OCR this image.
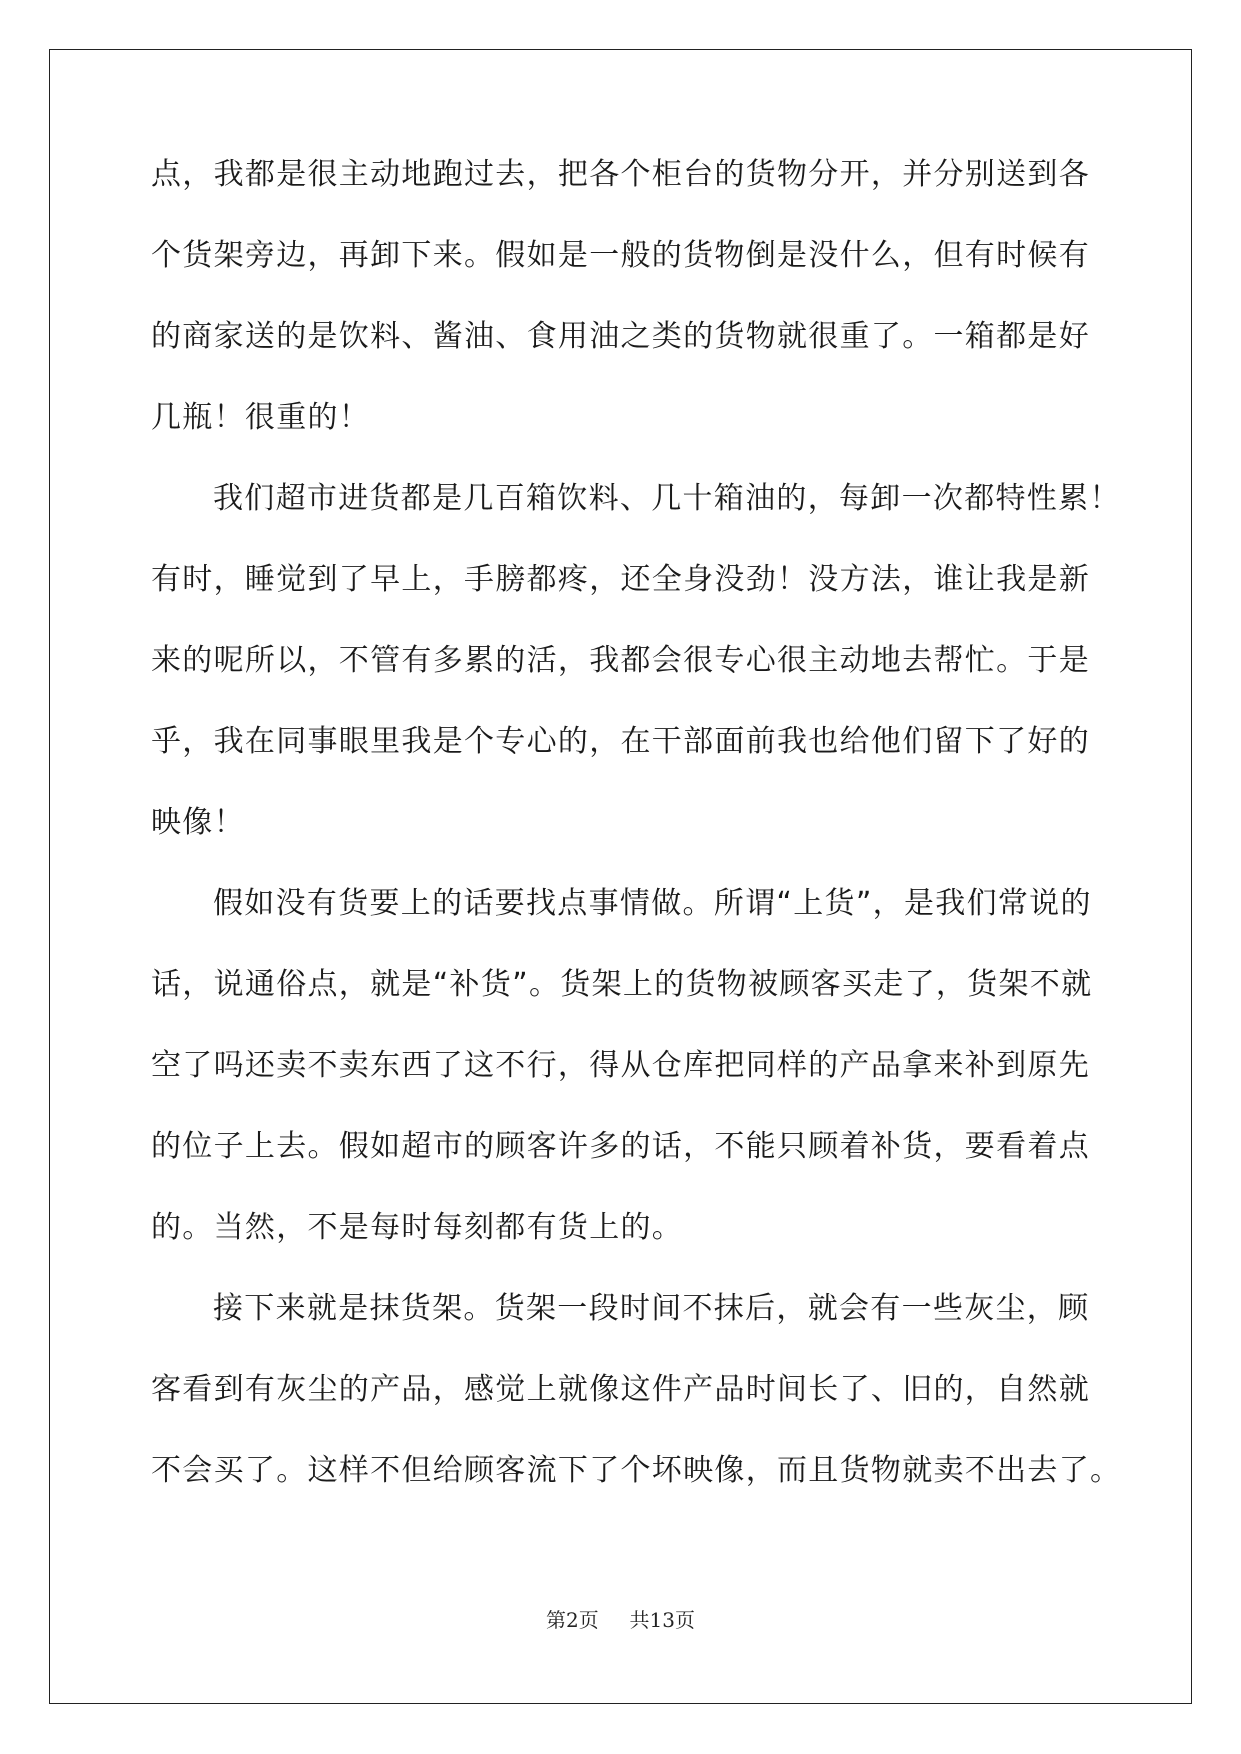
点，我都是很主动地跑过去，把各个柜台的货物分开，并分别送到各
个货架旁边，再卸下来。假如是一般的货物倒是没什么，但有时候有
的商家送的是饮料、酱油、食用油之类的货物就很重了。一箱都是好
几瓶！很重的！
我们超市进货都是几百箱饮料、几十箱油的，每卸一次都特性累！
有时，睡觉到了早上，手膀都疼，还全身没劲！没方法，谁让我是新
来的呢所以，不管有多累的活，我都会很专心很主动地去帮忙。于是
乎，我在同事眼里我是个专心的，在干部面前我也给他们留下了好的
映像！
假如没有货要上的话要找点事情做。所谓“上货”，是我们常说的
话，说通俗点，就是“补货”。货架上的货物被顾客买走了，货架不就
空了吗还卖不卖东西了这不行，得从仓库把同样的产品拿来补到原先
的位子上去。假如超市的顾客许多的话，不能只顾着补货，要看着点
的。当然，不是每时每刻都有货上的。
接下来就是抹货架。货架一段时间不抹后，就会有一些灰尘，顾
客看到有灰尘的产品，感觉上就像这件产品时间长了、旧的，自然就
不会买了。这样不但给顾客流下了个坏映像，而且货物就卖不出去了。
第2页 共13页
